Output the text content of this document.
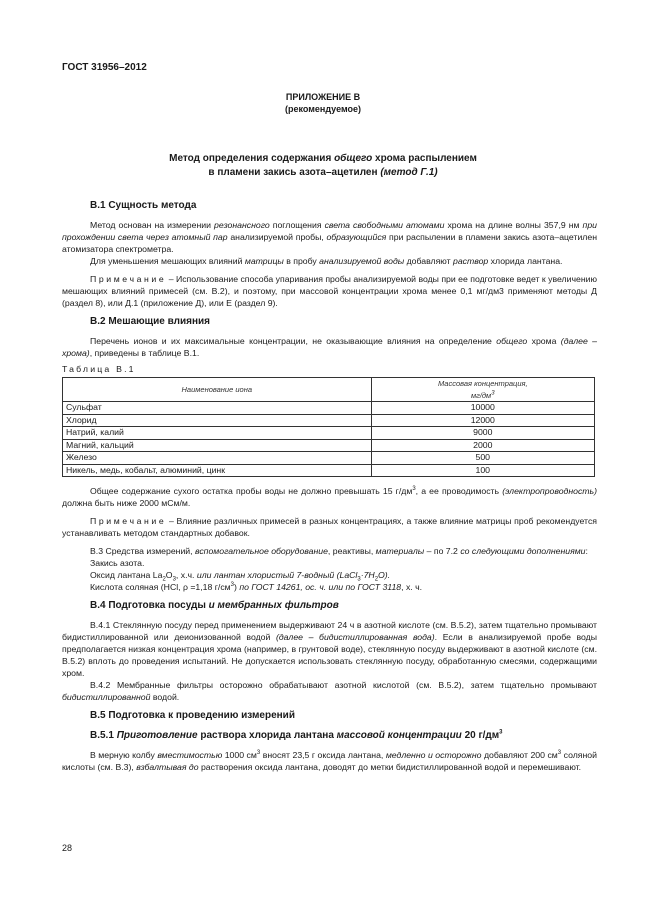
ГОСТ 31956–2012
ПРИЛОЖЕНИЕ В
(рекомендуемое)
Метод определения содержания общего хрома распылением
в пламени закись азота–ацетилен (метод Г.1)
В.1 Сущность метода

Метод основан на измерении резонансного поглощения света свободными атомами хрома на длине волны 357,9 нм при прохождении света через атомный пар анализируемой пробы, образующийся при распылении в пламени закись азота–ацетилен атомизатора спектрометра.

Для уменьшения мешающих влияний матрицы в пробу анализируемой воды добавляют раствор хлорида лантана.

Примечание – Использование способа упаривания пробы анализируемой воды при ее подготовке ведет к увеличению мешающих влияний примесей (см. В.2), и поэтому, при массовой концентрации хрома менее 0,1 мг/дм3 применяют методы Д (раздел 8), или Д.1 (приложение Д), или Е (раздел 9).

В.2 Мешающие влияния

Перечень ионов и их максимальные концентрации, не оказывающие влияния на определение общего хрома (далее – хрома), приведены в таблице В.1.

Таблица В.1
Наименование иона	Массовая концентрация,
$мг/дм^3$
Сульфат	10000
Хлорид	12000
Натрий, калий	9000
Магний, кальций	2000
Железо	500
Никель, медь, кобальт, алюминий, цинк	100

Общее содержание сухого остатка пробы воды не должно превышать 15 $г/дм^3$, а ее проводимость (электропроводность) должна быть ниже 2000 мСм/м.

Примечание – Влияние различных примесей в разных концентрациях, а также влияние матрицы проб рекомендуется устанавливать методом стандартных добавок.

В.3 Средства измерений, вспомогательное оборудование, реактивы, материалы – по 7.2 со следующими дополнениями:

Закись азота.

Оксид лантана $La_2O_3$, х.ч. или лантан хлористый 7-водный $(LaCl_3\cdot 7H_2O)$.

Кислота соляная (HCl, ρ =1,18 $г/см^3$) по ГОСТ 14261, ос. ч. или по ГОСТ 3118, х. ч.

В.4 Подготовка посуды и мембранных фильтров

В.4.1 Стеклянную посуду перед применением выдерживают 24 ч в азотной кислоте (см. В.5.2), затем тщательно промывают бидистиллированной или деионизованной водой (далее – бидистиллированная вода). Если в анализируемой пробе воды предполагается низкая концентрация хрома (например, в грунтовой воде), стеклянную посуду выдерживают в азотной кислоте (см. В.5.2) вплоть до проведения испытаний. Не допускается использовать стеклянную посуду, обработанную смесями, содержащими хром.

В.4.2 Мембранные фильтры осторожно обрабатывают азотной кислотой (см. В.5.2), затем тщательно промывают бидистиллированной водой.

В.5 Подготовка к проведению измерений
В.5.1 Приготовление раствора хлорида лантана массовой концентрации 20 $г/дм^3$

В мерную колбу вместимостью 1000 $см^3$ вносят 23,5 г оксида лантана, медленно и осторожно добавляют 200 $см^3$ соляной кислоты (см. В.3), взбалтывая до растворения оксида лантана, доводят до метки бидистиллированной водой и перемешивают.

28
